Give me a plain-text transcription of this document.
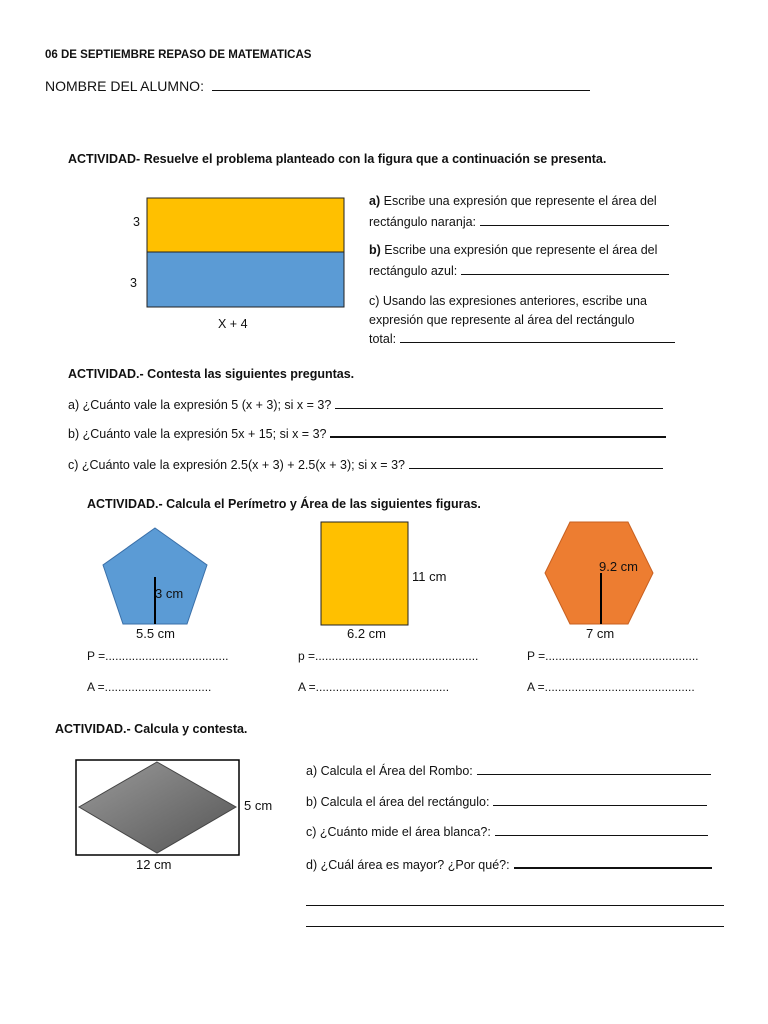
06 DE SEPTIEMBRE REPASO DE MATEMATICAS
NOMBRE DEL ALUMNO:
ACTIVIDAD- Resuelve el problema planteado con la figura que a continuación se presenta.
3
3
X + 4
a) Escribe una expresión que represente el área del
rectángulo naranja:
b) Escribe una expresión que represente el área del
rectángulo azul:
c) Usando las expresiones anteriores, escribe una
expresión que represente al área del rectángulo
total:
ACTIVIDAD.- Contesta las siguientes preguntas.
a) ¿Cuánto vale la expresión 5 (x + 3); si x = 3?
b) ¿Cuánto vale la expresión 5x + 15; si x = 3?
c) ¿Cuánto vale la expresión 2.5(x + 3) + 2.5(x + 3); si x = 3?
ACTIVIDAD.- Calcula el Perímetro y Área de las siguientes figuras.
3 cm
5.5 cm
P =.....................................
A =................................
11 cm
6.2 cm
p =.................................................
A =........................................
9.2 cm
7 cm
P =..............................................
A =.............................................
ACTIVIDAD.- Calcula y contesta.
5 cm
12 cm
a) Calcula el Área del Rombo:
b) Calcula el área del rectángulo:
c) ¿Cuánto mide el área blanca?:
d) ¿Cuál área es mayor? ¿Por qué?:
